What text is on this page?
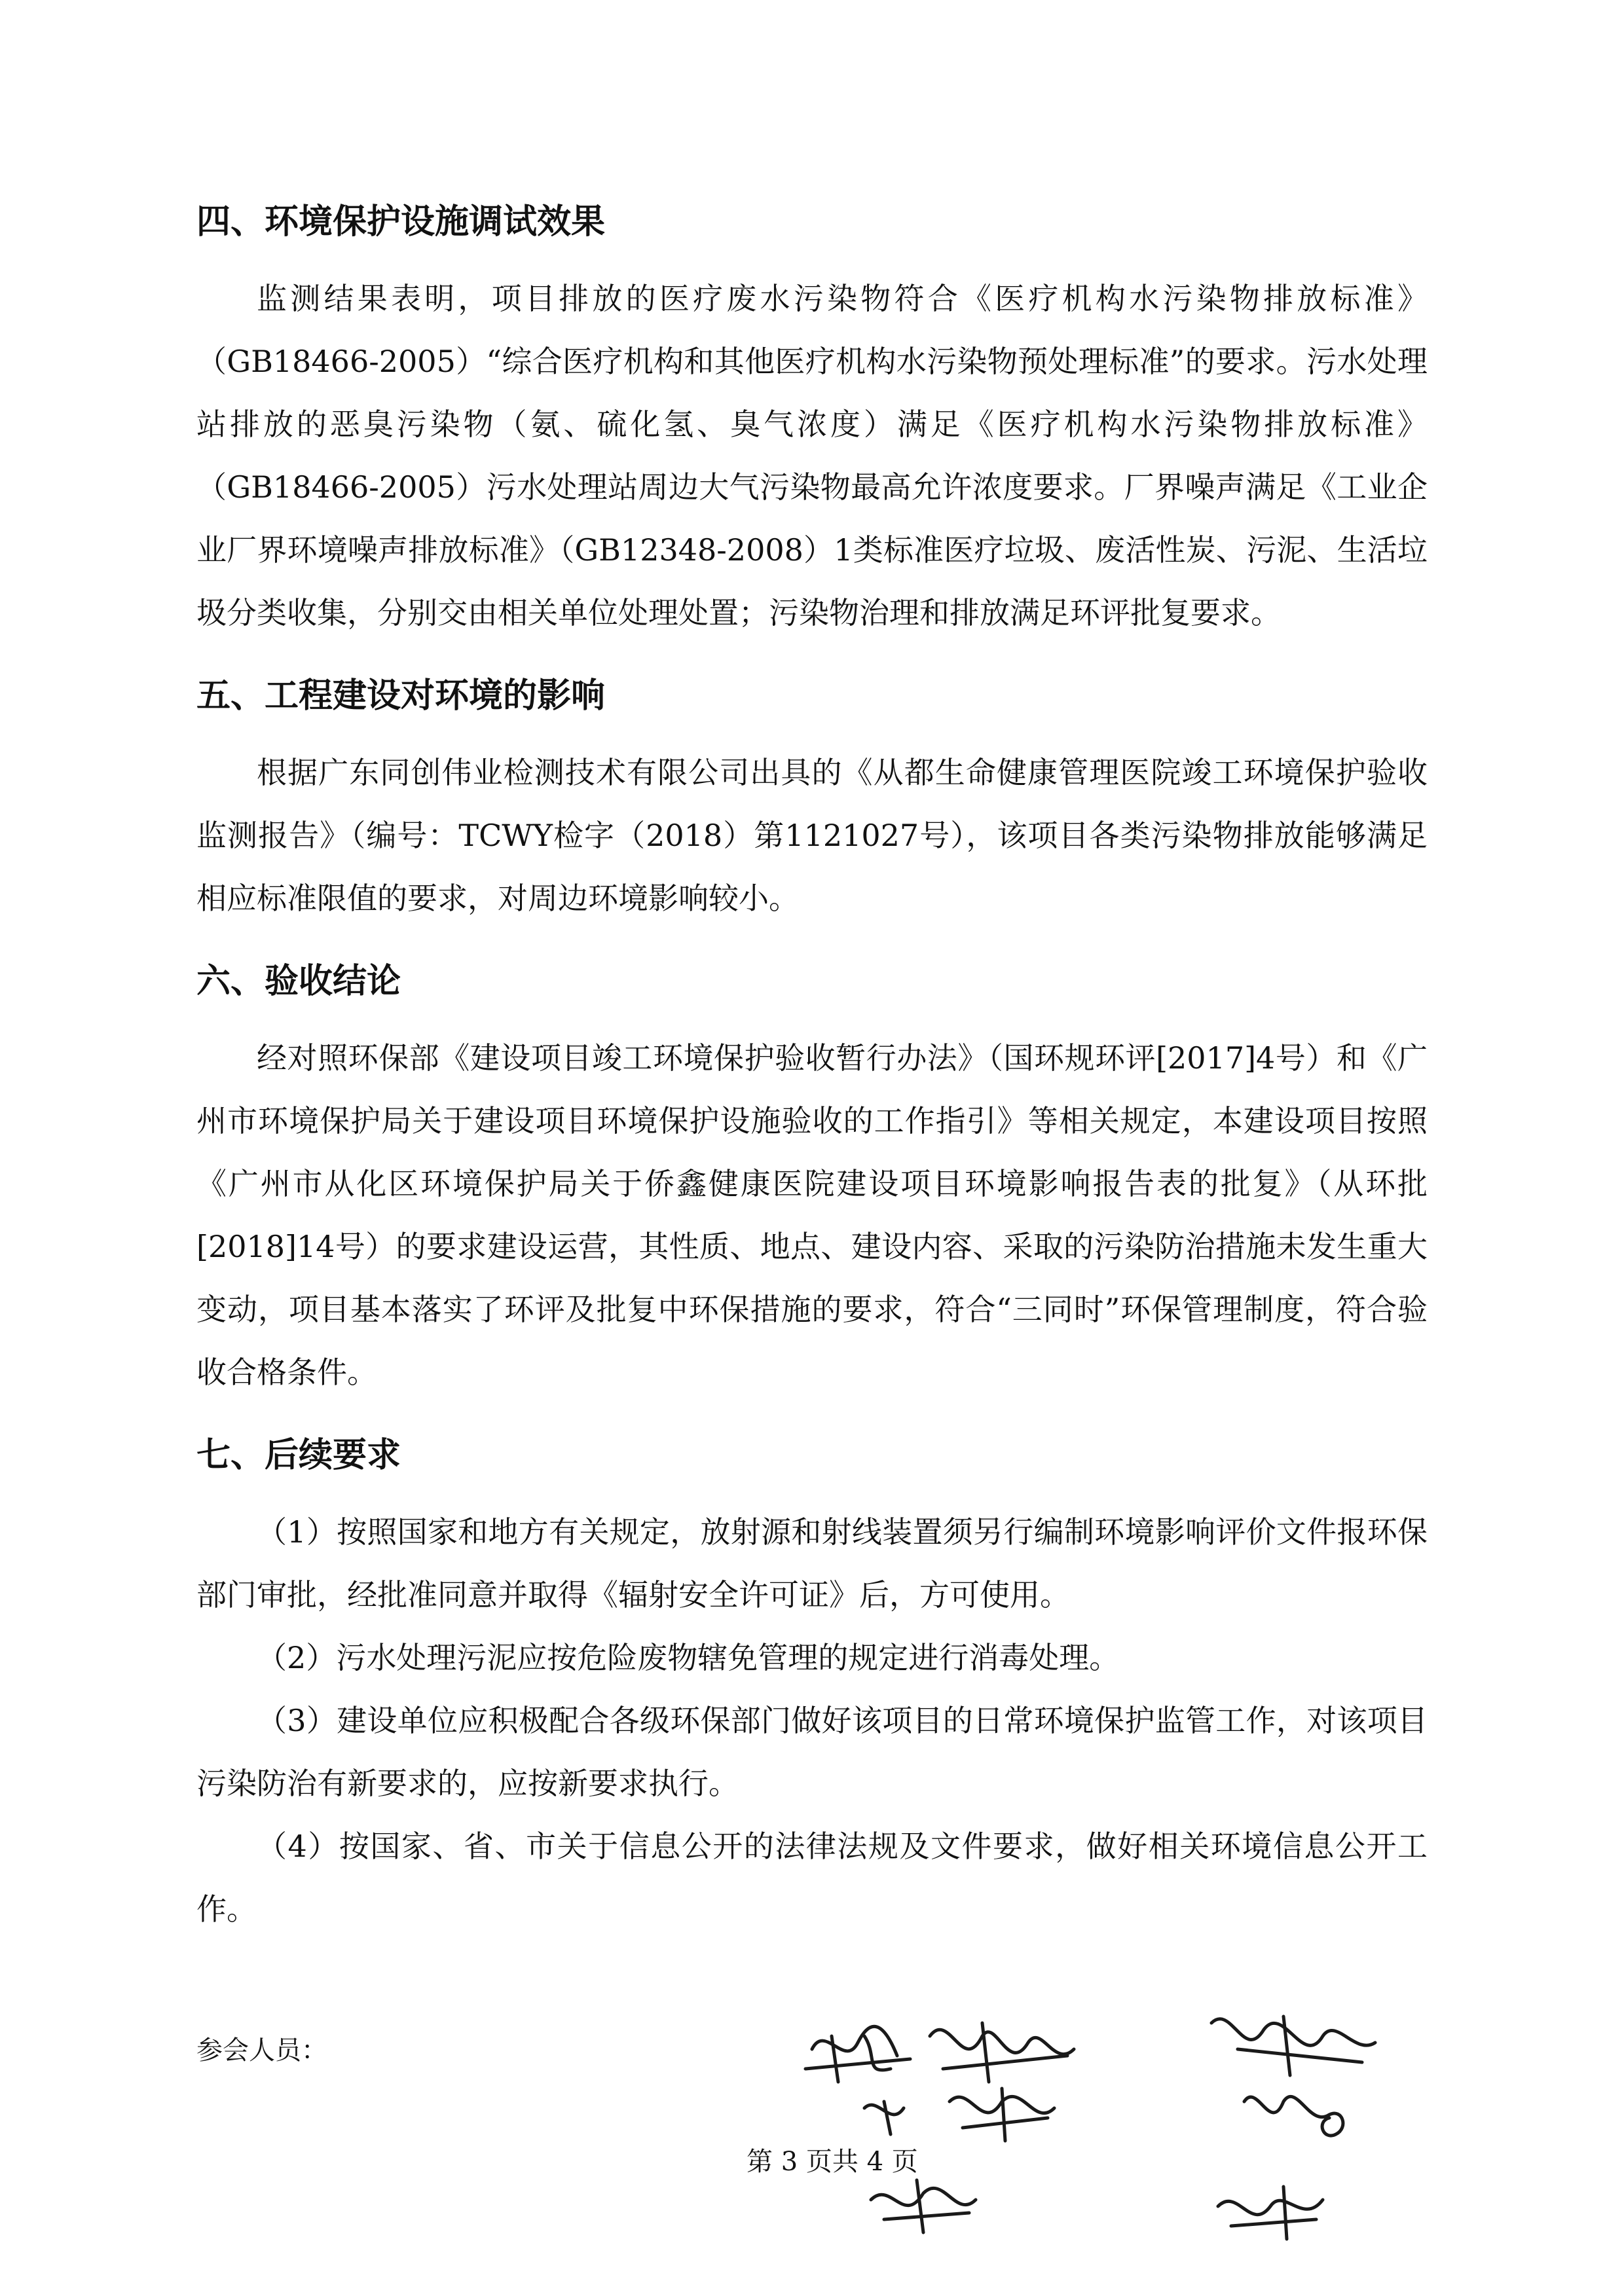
四、环境保护设施调试效果

监测结果表明，项目排放的医疗废水污染物符合《医疗机构水污染物排放标准》（GB18466-2005）“综合医疗机构和其他医疗机构水污染物预处理标准”的要求。污水处理站排放的恶臭污染物（氨、硫化氢、臭气浓度）满足《医疗机构水污染物排放标准》（GB18466-2005）污水处理站周边大气污染物最高允许浓度要求。厂界噪声满足《工业企业厂界环境噪声排放标准》（GB12348-2008）1类标准医疗垃圾、废活性炭、污泥、生活垃圾分类收集，分别交由相关单位处理处置；污染物治理和排放满足环评批复要求。

五、工程建设对环境的影响

根据广东同创伟业检测技术有限公司出具的《从都生命健康管理医院竣工环境保护验收监测报告》（编号：TCWY检字（2018）第1121027号），该项目各类污染物排放能够满足相应标准限值的要求，对周边环境影响较小。

六、验收结论

经对照环保部《建设项目竣工环境保护验收暂行办法》（国环规环评[2017]4号）和《广州市环境保护局关于建设项目环境保护设施验收的工作指引》等相关规定，本建设项目按照《广州市从化区环境保护局关于侨鑫健康医院建设项目环境影响报告表的批复》（从环批[2018]14号）的要求建设运营，其性质、地点、建设内容、采取的污染防治措施未发生重大变动，项目基本落实了环评及批复中环保措施的要求，符合“三同时”环保管理制度，符合验收合格条件。

七、后续要求

（1）按照国家和地方有关规定，放射源和射线装置须另行编制环境影响评价文件报环保部门审批，经批准同意并取得《辐射安全许可证》后，方可使用。

（2）污水处理污泥应按危险废物辖免管理的规定进行消毒处理。

（3）建设单位应积极配合各级环保部门做好该项目的日常环境保护监管工作，对该项目污染防治有新要求的，应按新要求执行。

（4）按国家、省、市关于信息公开的法律法规及文件要求，做好相关环境信息公开工作。

参会人员：
第 3 页共 4 页
